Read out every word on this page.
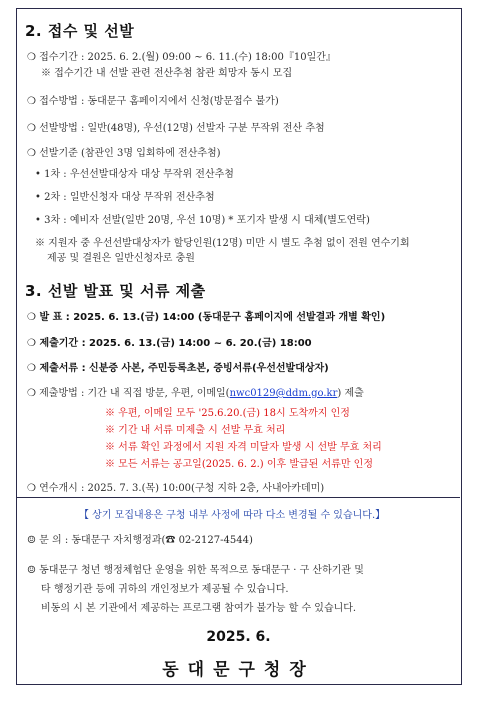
2. 접수 및 선발
❍ 접수기간 : 2025. 6. 2.(월) 09:00 ~ 6. 11.(수) 18:00『10일간』
※ 접수기간 내 선발 관련 전산추첨 참관 희망자 동시 모집
❍ 접수방법 : 동대문구 홈페이지에서 신청(방문접수 불가)
❍ 선발방법 : 일반(48명), 우선(12명) 선발자 구분 무작위 전산 추첨
❍ 선발기준 (참관인 3명 입회하에 전산추첨)
• 1차 : 우선선발대상자 대상 무작위 전산추첨
• 2차 : 일반신청자 대상 무작위 전산추첨
• 3차 : 예비자 선발(일반 20명, 우선 10명) * 포기자 발생 시 대체(별도연락)
※ 지원자 중 우선선발대상자가 할당인원(12명) 미만 시 별도 추첨 없이 전원 연수기회
제공 및 결원은 일반신청자로 충원
3. 선발 발표 및 서류 제출
❍ 발 표 : 2025. 6. 13.(금) 14:00 (동대문구 홈페이지에 선발결과 개별 확인)
❍ 제출기간 : 2025. 6. 13.(금) 14:00 ~ 6. 20.(금) 18:00
❍ 제출서류 : 신분증 사본, 주민등록초본, 증빙서류(우선선발대상자)
❍ 제출방법 : 기간 내 직접 방문, 우편, 이메일(nwc0129@ddm.go.kr) 제출
※ 우편, 이메일 모두 '25.6.20.(금) 18시 도착까지 인정
※ 기간 내 서류 미제출 시 선발 무효 처리
※ 서류 확인 과정에서 지원 자격 미달자 발생 시 선발 무효 처리
※ 모든 서류는 공고일(2025. 6. 2.) 이후 발급된 서류만 인정
❍ 연수개시 : 2025. 7. 3.(목) 10:00(구청 지하 2층, 사내아카데미)
【 상기 모집내용은 구청 내부 사정에 따라 다소 변경될 수 있습니다.】
☺ 문 의 : 동대문구 자치행정과(☎ 02-2127-4544)
☺ 동대문구 청년 행정체험단 운영을 위한 목적으로 동대문구 · 구 산하기관 및
타 행정기관 등에 귀하의 개인정보가 제공될 수 있습니다.
비동의 시 본 기관에서 제공하는 프로그램 참여가 불가능 할 수 있습니다.
2025. 6.
동대문구청장
